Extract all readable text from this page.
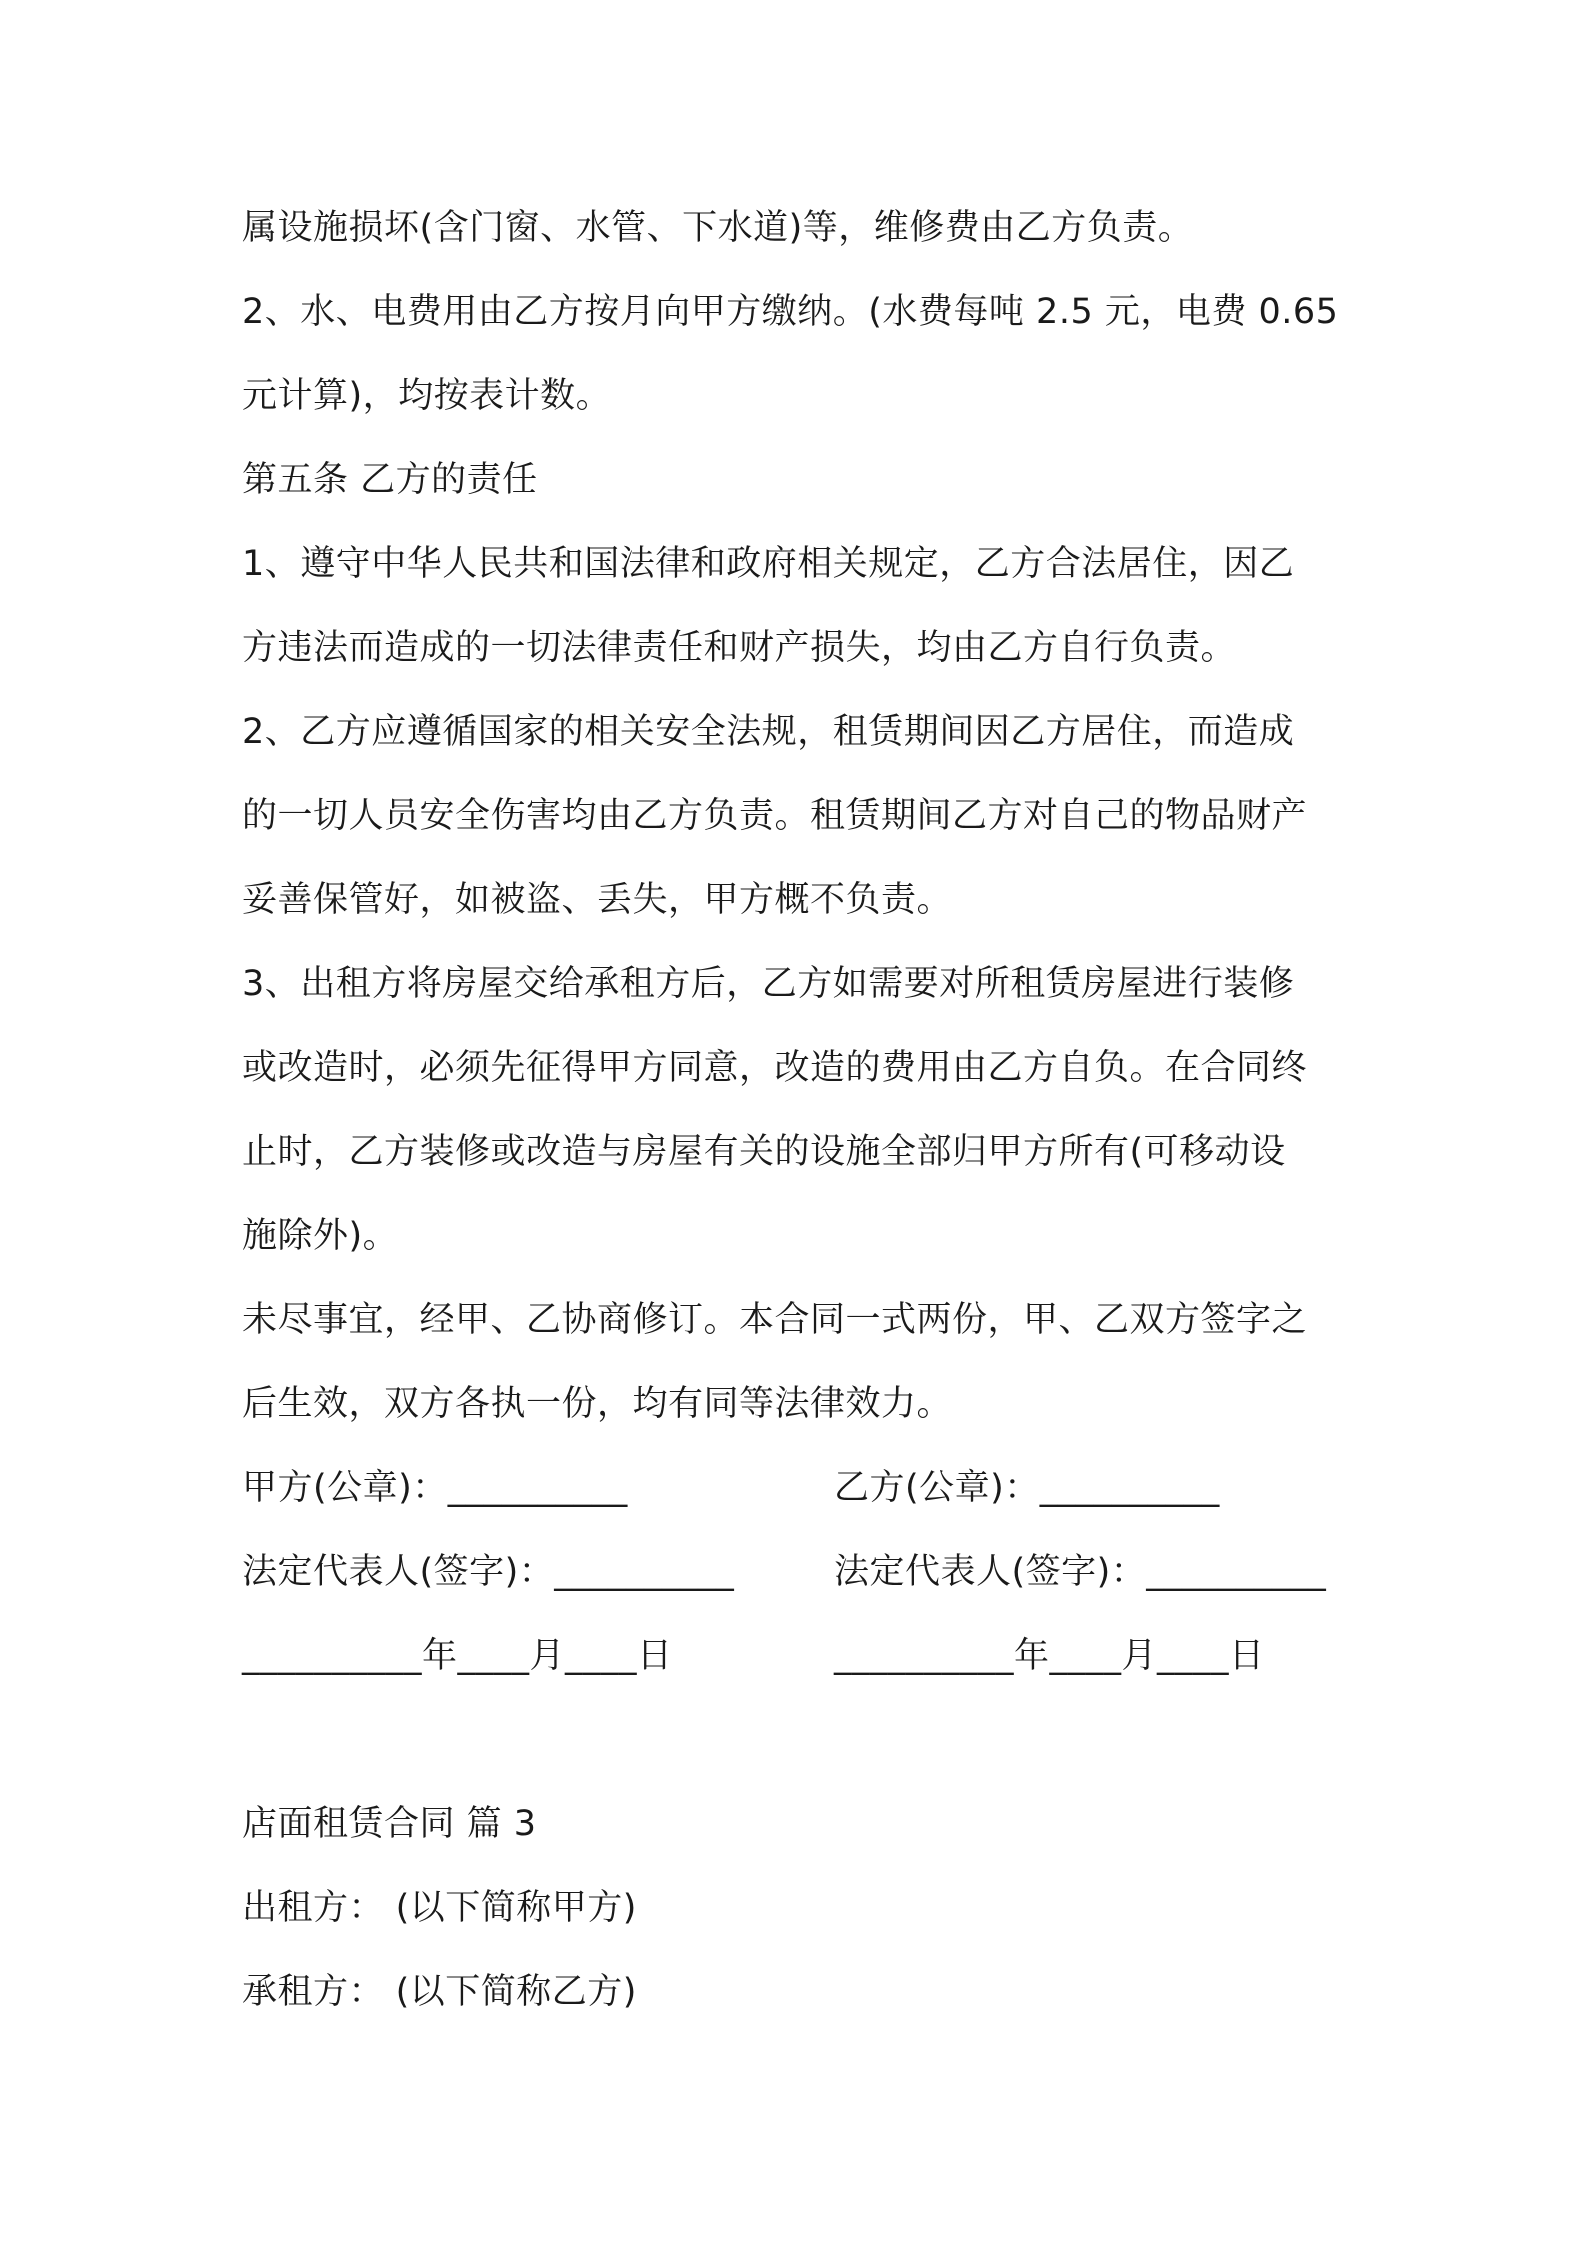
属设施损坏(含门窗、水管、下水道)等，维修费由乙方负责。
2、水、电费用由乙方按月向甲方缴纳。(水费每吨 2.5 元，电费 0.65
元计算)，均按表计数。
第五条 乙方的责任
1、遵守中华人民共和国法律和政府相关规定，乙方合法居住，因乙
方违法而造成的一切法律责任和财产损失，均由乙方自行负责。
2、乙方应遵循国家的相关安全法规，租赁期间因乙方居住，而造成
的一切人员安全伤害均由乙方负责。租赁期间乙方对自己的物品财产
妥善保管好，如被盗、丢失，甲方概不负责。
3、出租方将房屋交给承租方后，乙方如需要对所租赁房屋进行装修
或改造时，必须先征得甲方同意，改造的费用由乙方自负。在合同终
止时，乙方装修或改造与房屋有关的设施全部归甲方所有(可移动设
施除外)。
未尽事宜，经甲、乙协商修订。本合同一式两份，甲、乙双方签字之
后生效，双方各执一份，均有同等法律效力。
甲方(公章)：__________	乙方(公章)：__________
法定代表人(签字)：__________	法定代表人(签字)：__________
__________年____月____日	__________年____月____日
店面租赁合同 篇 3
出租方： (以下简称甲方)
承租方： (以下简称乙方)
